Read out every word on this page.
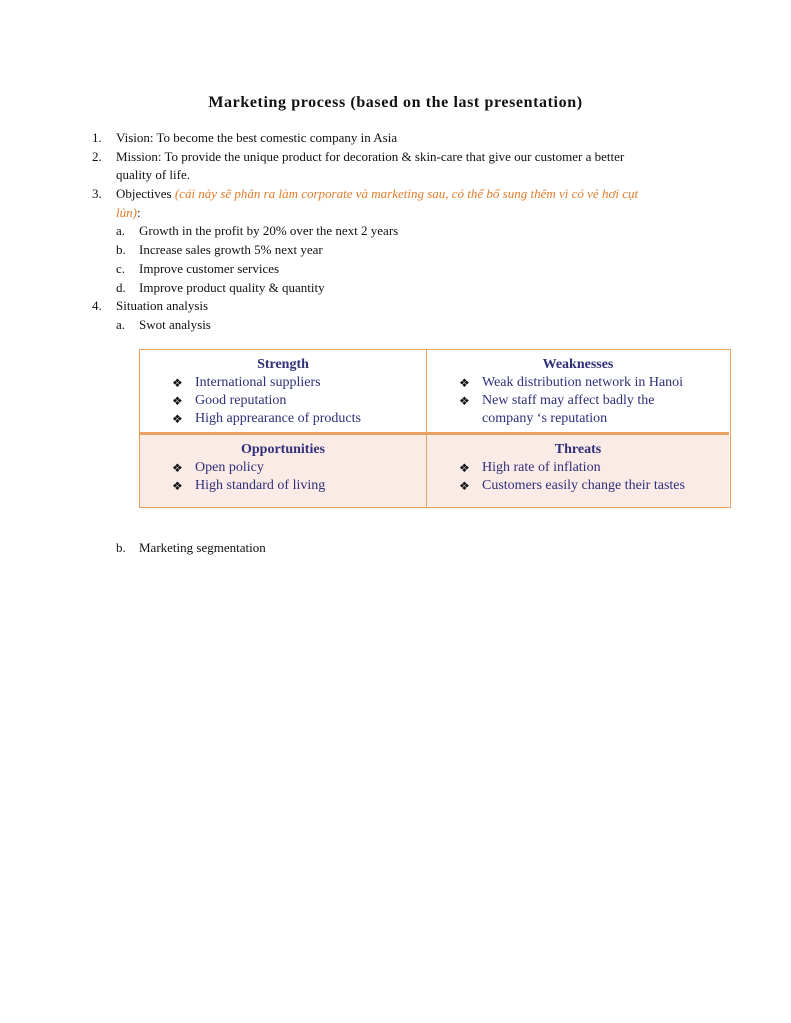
Marketing process (based on the last presentation)
1. Vision: To become the best comestic company in Asia
2. Mission: To provide the unique product for decoration & skin-care that give our customer a better
quality of life.
3. Objectives (cái này sẽ phân ra làm corporate và marketing sau, có thể bổ sung thêm vì có vẻ hơi cụt
lủn):
a. Growth in the profit by 20% over the next 2 years
b. Increase sales growth 5% next year
c. Improve customer services
d. Improve product quality & quantity
4. Situation analysis
a. Swot analysis
Strength
❖ International suppliers
❖ Good reputation
❖ High apprearance of products
Weaknesses
❖ Weak distribution network in Hanoi
❖ New staff may affect badly the
company ‘s reputation
Opportunities
❖ Open policy
❖ High standard of living
Threats
❖ High rate of inflation
❖ Customers easily change their tastes
b. Marketing segmentation
